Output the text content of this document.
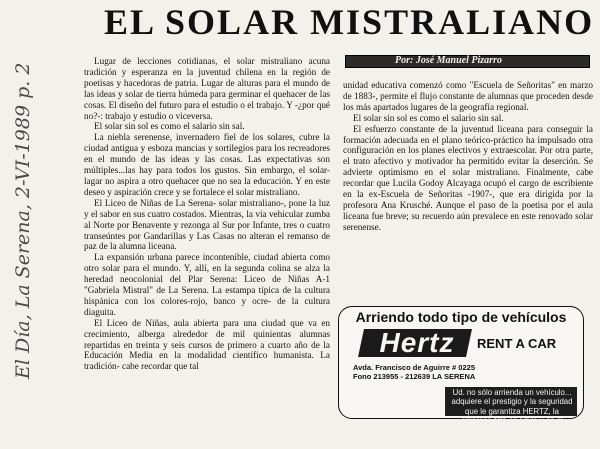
EL SOLAR MISTRALIANO
Por: José Manuel Pizarro
El Día, La Serena, 2-VI-1989 p. 2

Lugar de lecciones cotidianas, el solar mistraliano acuna tradición y esperanza en la juventud chilena en la región de poetisas y hacedoras de patria. Lugar de alturas para el mundo de las ideas y solar de tierra húmeda para germinar el quehacer de las cosas. El diseño del futuro para el estudio o el trabajo. Y -¿por qué no?-: trabajo y estudio o viceversa.

El solar sin sol es como el salario sin sal.

La niebla serenense, invernadero fiel de los solares, cubre la ciudad antigua y esboza mancias y sortilegios para los recreadores en el mundo de las ideas y las cosas. Las expectativas son múltiples...las hay para todos los gustos. Sin embargo, el solar-lagar no aspira a otro quehacer que no sea la educación. Y en este deseo y aspiración crece y se fortalece el solar mistraliano.

El Liceo de Niñas de La Serena- solar mistraliano-, pone la luz y el sabor en sus cuatro costados. Mientras, la vía vehicular zumba al Norte por Benavente y rezonga al Sur por Infante, tres o cuatro transeúntes por Gandarillas y Las Casas no alteran el remanso de paz de la alumna liceana.

La expansión urbana parece incontenible, ciudad abierta como otro solar para el mundo. Y, allí, en la segunda colina se alza la heredad neocolonial del Plar Serena: Liceo de Niñas A-1 "Gabriela Mistral" de La Serena. La estampa típica de la cultura hispánica con los colores-rojo, banco y ocre- de la cultura diaguita.

El Liceo de Niñas, aula abierta para una ciudad que va en crecimiento, alberga alrededor de mil quinientas alumnas repartidas en treinta y seis cursos de primero a cuarto año de la Educación Media en la modalidad científico humanista. La tradición- cabe recordar que tal

unidad educativa comenzó como "Escuela de Señoritas" en marzo de 1883-, permite el flujo constante de alumnas que proceden desde los más apartados lugares de la geografía regional.

El solar sin sol es como el salario sin sal.

El esfuerzo constante de la juventud liceana para conseguir la formación adecuada en el plano teórico-práctico ha impulsado otra configuración en los planes electivos y extraescolar. Por otra parte, el trato afectivo y motivador ha permitido evitar la deserción. Se advierte optimismo en el solar mistraliano. Finalmente, cabe recordar que Lucila Godoy Alcayaga ocupó el cargo de escribiente en la ex-Escuela de Señoritas -1907-, que era dirigida por la profesora Ana Krusché. Aunque el paso de la poetisa por el aula liceana fue breve; su recuerdo aún prevalece en este renovado solar serenense.

Arriendo todo tipo de vehículos
Hertz	RENT A CAR
Avda. Francisco de Aguirre # 0225
Fono 213955 - 212639 LA SERENA
Ud. no sólo arrienda un vehículo... adquiere el prestigio y la seguridad que le garantiza HERTZ, la empresa Nº1 en Chile y en el mundo.
